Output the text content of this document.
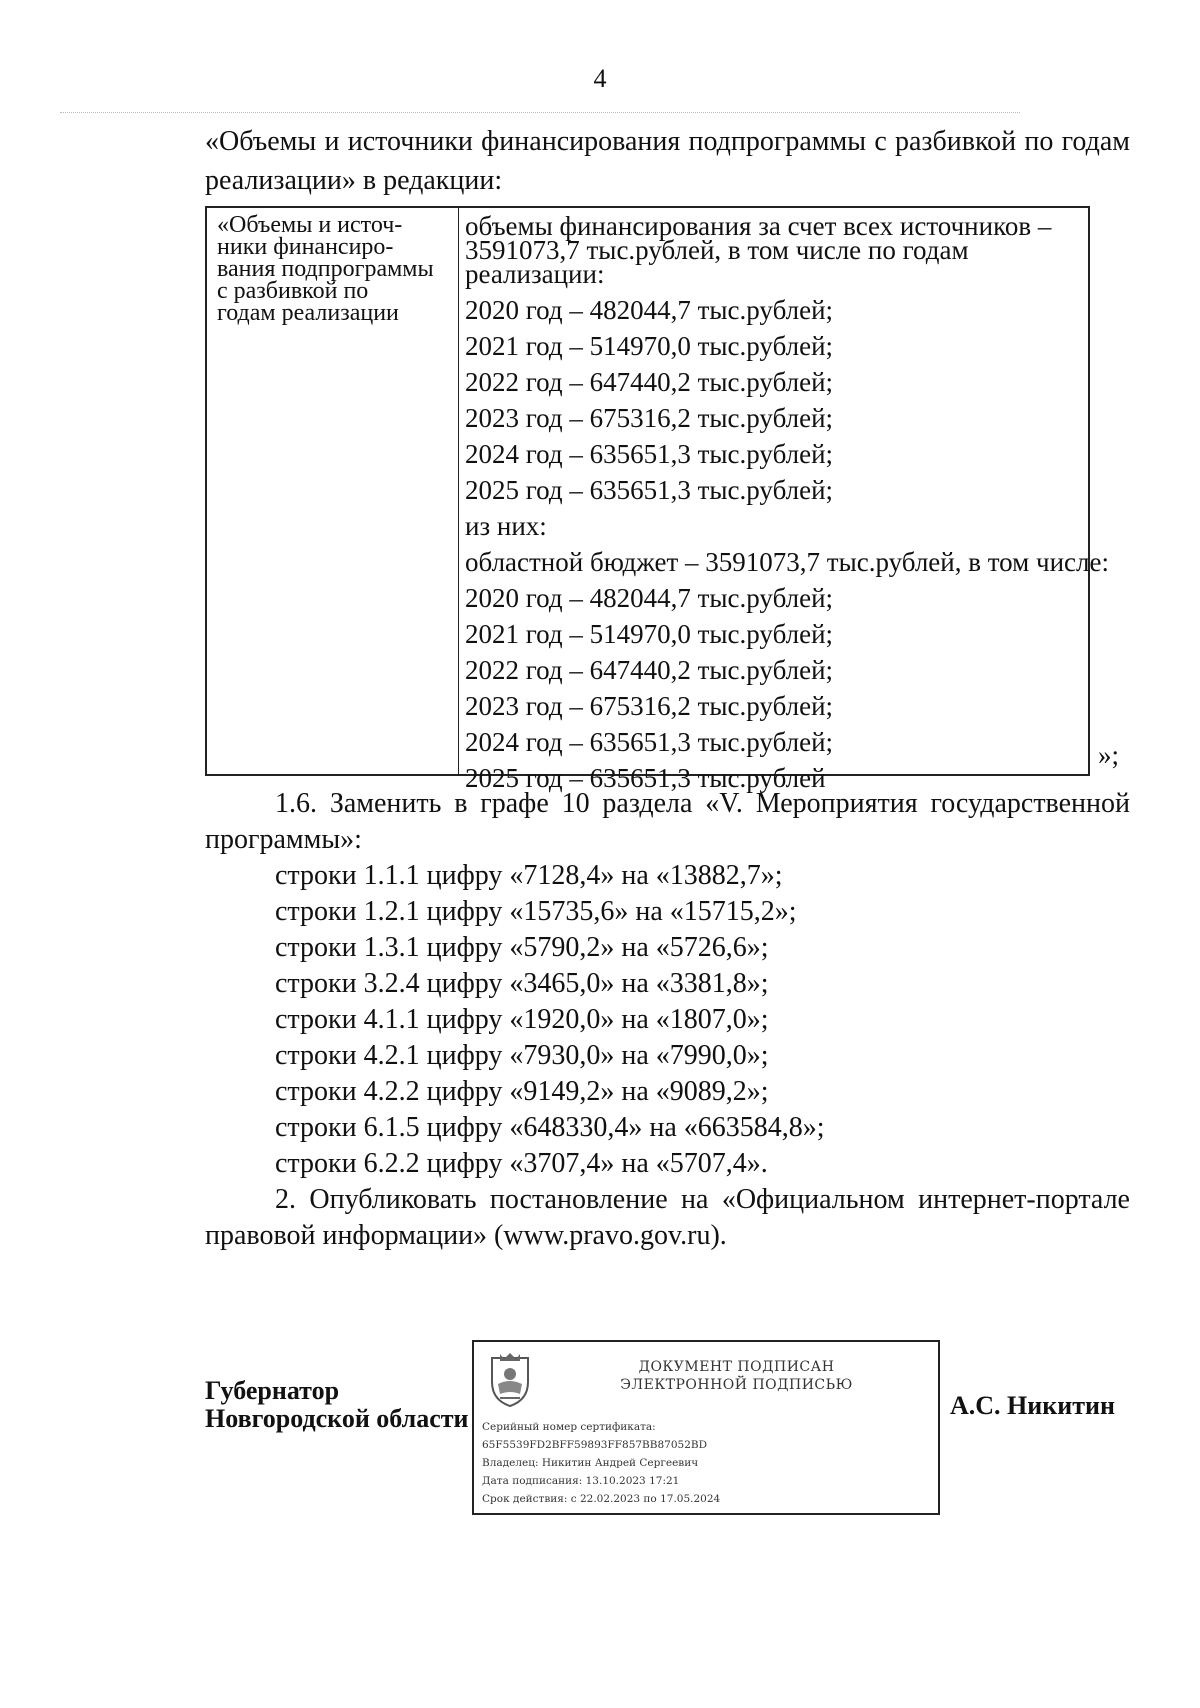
4
«Объемы и источники финансирования подпрограммы с разбивкой по годам
реализации» в редакции:
«Объемы и источ-
ники финансиро-
вания подпрограммы
с разбивкой по
годам реализации
объемы финансирования за счет всех источников –
3591073,7 тыс.рублей, в том числе по годам реализации:
2020 год – 482044,7 тыс.рублей;
2021 год – 514970,0 тыс.рублей;
2022 год – 647440,2 тыс.рублей;
2023 год – 675316,2 тыс.рублей;
2024 год – 635651,3 тыс.рублей;
2025 год – 635651,3 тыс.рублей;
из них:
областной бюджет – 3591073,7 тыс.рублей, в том числе:
2020 год – 482044,7 тыс.рублей;
2021 год – 514970,0 тыс.рублей;
2022 год – 647440,2 тыс.рублей;
2023 год – 675316,2 тыс.рублей;
2024 год – 635651,3 тыс.рублей;
2025 год – 635651,3 тыс.рублей
»;
1.6. Заменить в графе 10 раздела «V. Мероприятия государственной программы»:
строки 1.1.1 цифру «7128,4» на «13882,7»;
строки 1.2.1 цифру «15735,6» на «15715,2»;
строки 1.3.1 цифру «5790,2» на «5726,6»;
строки 3.2.4 цифру «3465,0» на «3381,8»;
строки 4.1.1 цифру «1920,0» на «1807,0»;
строки 4.2.1 цифру «7930,0» на «7990,0»;
строки 4.2.2 цифру «9149,2» на «9089,2»;
строки 6.1.5 цифру «648330,4» на «663584,8»;
строки 6.2.2 цифру «3707,4» на «5707,4».
2. Опубликовать постановление на «Официальном интернет-портале правовой информации» (www.pravo.gov.ru).
Губернатор
Новгородской области
ДОКУМЕНТ ПОДПИСАН
ЭЛЕКТРОННОЙ ПОДПИСЬЮ
Серийный номер сертификата:
65F5539FD2BFF59893FF857BB87052BD
Владелец: Никитин Андрей Сергеевич
Дата подписания: 13.10.2023 17:21
Срок действия: с 22.02.2023 по 17.05.2024
А.С. Никитин
